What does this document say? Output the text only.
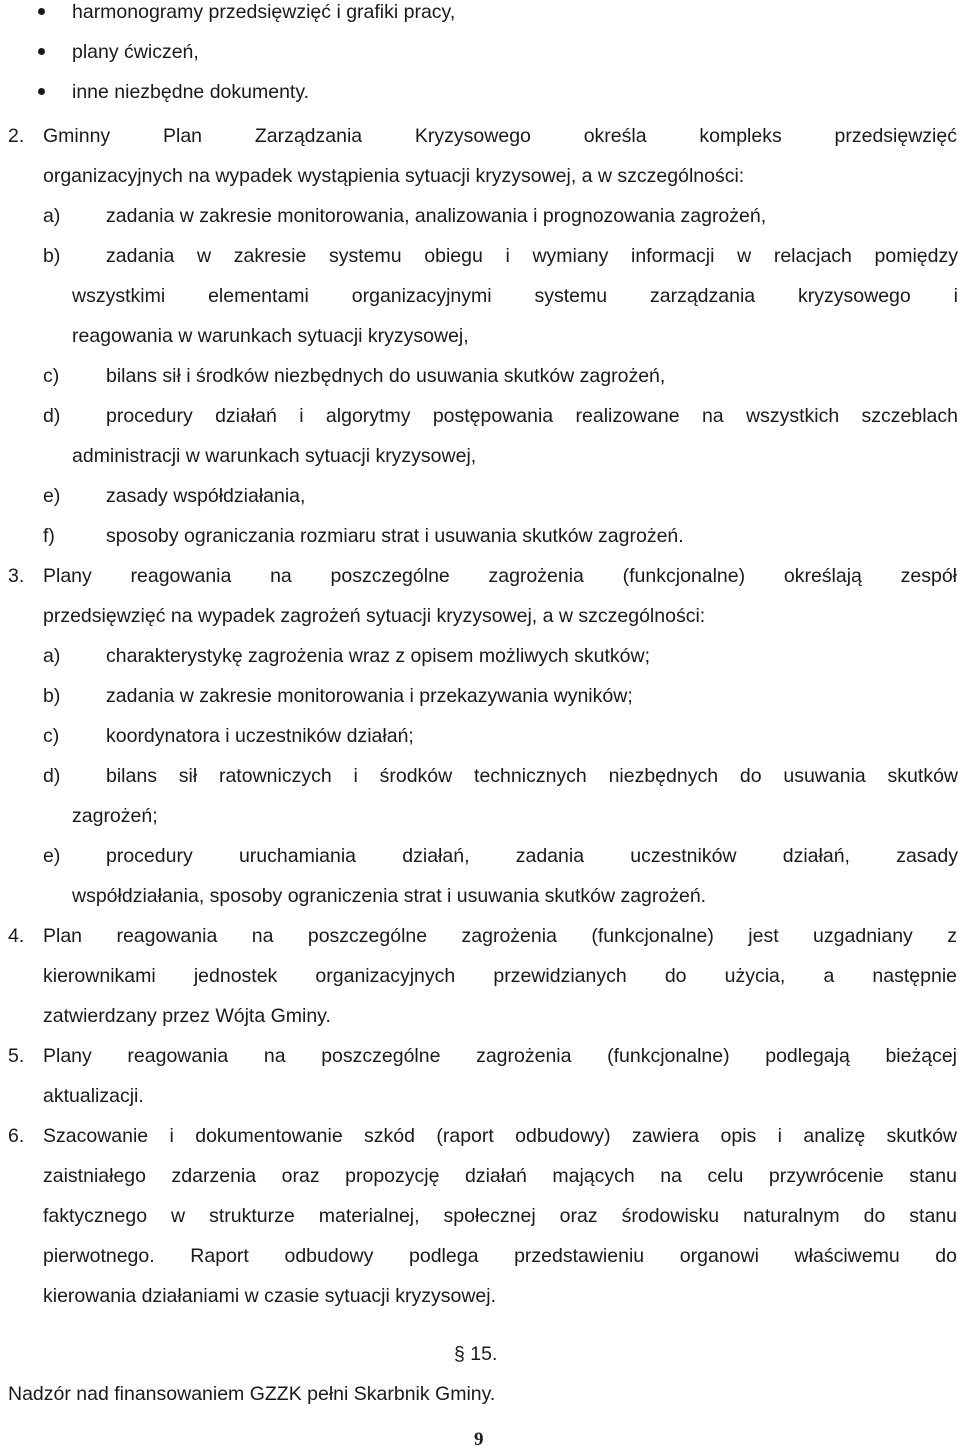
harmonogramy przedsięwzięć i grafiki pracy,
plany ćwiczeń,
inne niezbędne dokumenty.
2. Gminny Plan Zarządzania Kryzysowego określa kompleks przedsięwzięć
organizacyjnych na wypadek wystąpienia sytuacji kryzysowej, a w szczególności:
a) zadania w zakresie monitorowania, analizowania i prognozowania zagrożeń,
b) zadania w zakresie systemu obiegu i wymiany informacji w relacjach pomiędzy
wszystkimi elementami organizacyjnymi systemu zarządzania kryzysowego i
reagowania w warunkach sytuacji kryzysowej,
c) bilans sił i środków niezbędnych do usuwania skutków zagrożeń,
d) procedury działań i algorytmy postępowania realizowane na wszystkich szczeblach
administracji w warunkach sytuacji kryzysowej,
e) zasady współdziałania,
f)	sposoby ograniczania rozmiaru strat i usuwania skutków zagrożeń.
3. Plany reagowania na poszczególne zagrożenia (funkcjonalne) określają zespół
przedsięwzięć na wypadek zagrożeń sytuacji kryzysowej, a w szczególności:
a) charakterystykę zagrożenia wraz z opisem możliwych skutków;
b) zadania w zakresie monitorowania i przekazywania wyników;
c) koordynatora i uczestników działań;
d) bilans sił ratowniczych i środków technicznych niezbędnych do usuwania skutków
zagrożeń;
e) procedury uruchamiania działań, zadania uczestników działań, zasady
współdziałania, sposoby ograniczenia strat i usuwania skutków zagrożeń.
4. Plan reagowania na poszczególne zagrożenia (funkcjonalne) jest uzgadniany z
kierownikami jednostek organizacyjnych przewidzianych do użycia, a następnie
zatwierdzany przez Wójta Gminy.
5. Plany reagowania na poszczególne zagrożenia (funkcjonalne) podlegają bieżącej
aktualizacji.
6. Szacowanie i dokumentowanie szkód (raport odbudowy) zawiera opis i analizę skutków
zaistniałego zdarzenia oraz propozycję działań mających na celu przywrócenie stanu
faktycznego w strukturze materialnej, społecznej oraz środowisku naturalnym do stanu
pierwotnego. Raport odbudowy podlega przedstawieniu organowi właściwemu do
kierowania działaniami w czasie sytuacji kryzysowej.
§ 15.
Nadzór nad finansowaniem GZZK pełni Skarbnik Gminy.
9
